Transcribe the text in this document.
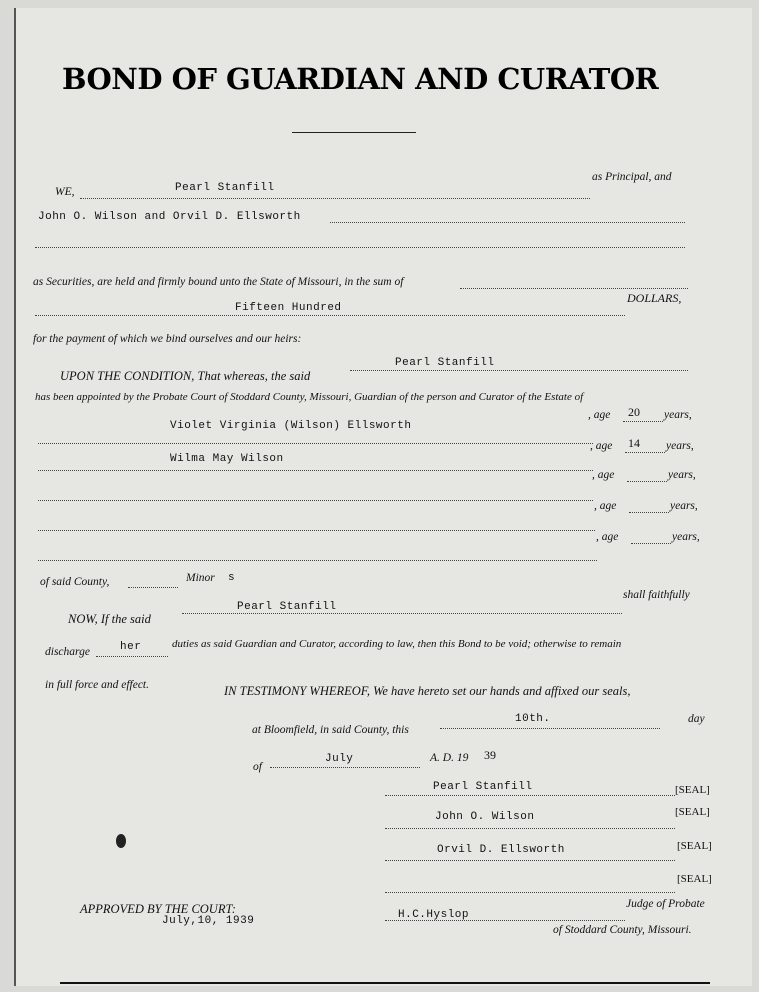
BOND OF GUARDIAN AND CURATOR
WE,	Pearl Stanfill
as Principal, and
John O. Wilson and Orvil D. Ellsworth
as Securities, are held and firmly bound unto the State of Missouri, in the sum of
Fifteen Hundred
DOLLARS,
for the payment of which we bind ourselves and our heirs:
UPON THE CONDITION, That whereas, the said
Pearl Stanfill
has been appointed by the Probate Court of Stoddard County, Missouri, Guardian of the person and Curator of the Estate of
Violet Virginia (Wilson) Ellsworth
, age 20 years,
Wilma May Wilson
, age 14 years,
, age	years,
, age	years,
, age	years,
of said County,	Minor s
NOW, If the said
Pearl Stanfill
shall faithfully
discharge	her	duties as said Guardian and Curator, according to law, then this Bond to be void; otherwise to remain
in full force and effect.	IN TESTIMONY WHEREOF, We have hereto set our hands and affixed our seals,
at Bloomfield, in said County, this
10th.	day
of
July	A. D. 19 39
Pearl Stanfill	[SEAL]
John O. Wilson	[SEAL]
Orvil D. Ellsworth	[SEAL]
[SEAL]
APPROVED BY THE COURT:
July,10, 1939	H.C.Hyslop
Judge of Probate
of Stoddard County, Missouri.
